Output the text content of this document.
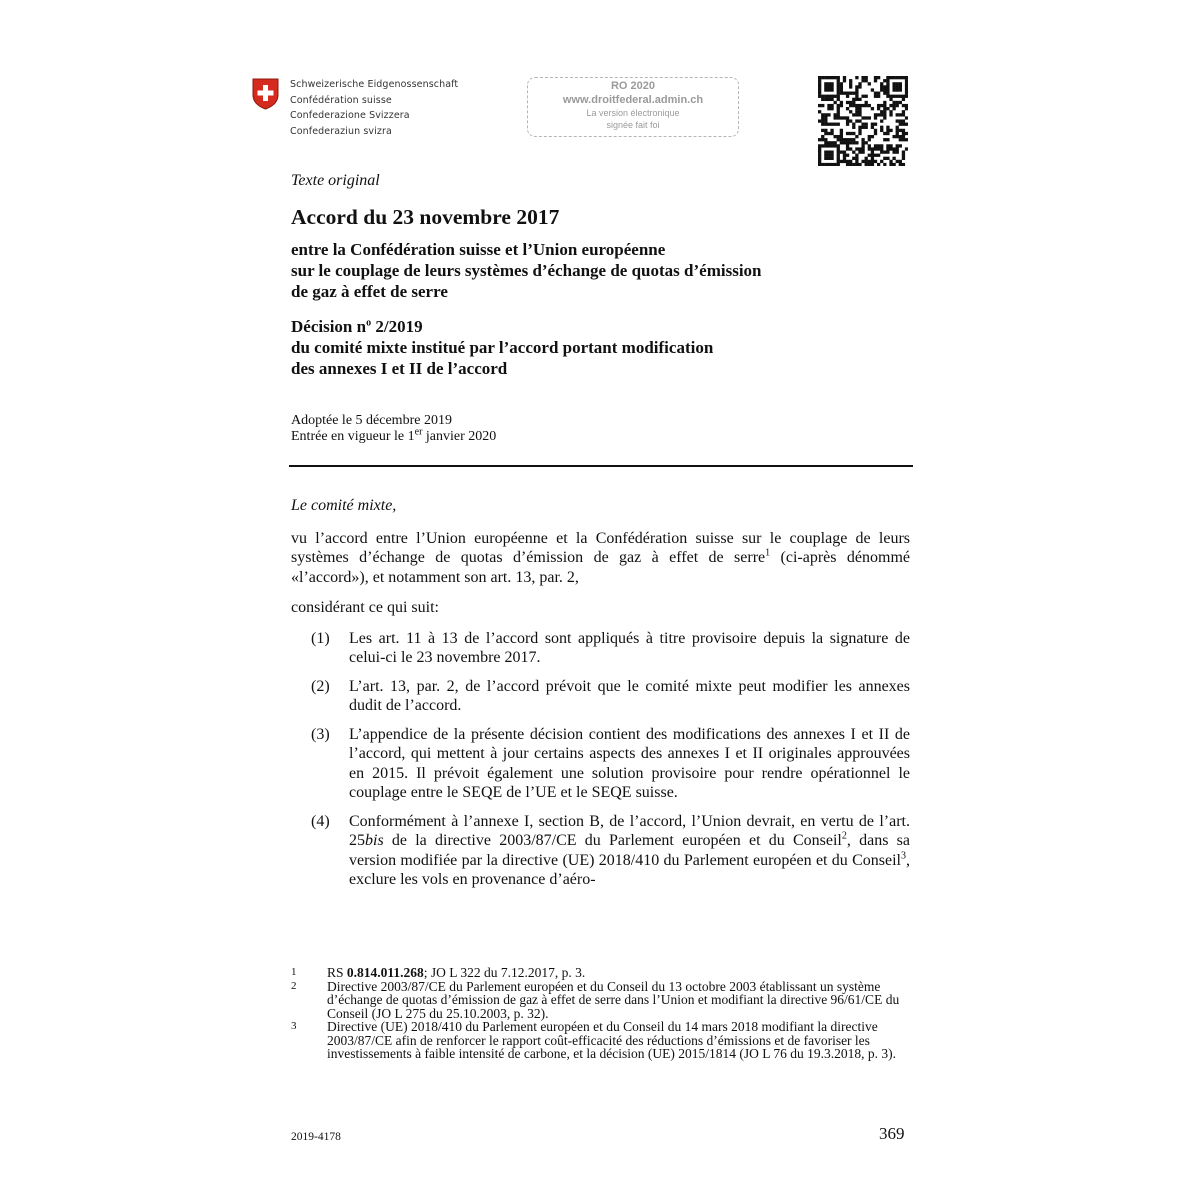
Schweizerische Eidgenossenschaft
Confédération suisse
Confederazione Svizzera
Confederaziun svizra
RO 2020
www.droitfederal.admin.ch
La version électronique
signée fait foi
Texte original
Accord du 23 novembre 2017
entre la Confédération suisse et l’Union européenne
sur le couplage de leurs systèmes d’échange de quotas d’émission
de gaz à effet de serre
Décision $n^o$ 2/2019
du comité mixte institué par l’accord portant modification
des annexes I et II de l’accord
Adoptée le 5 décembre 2019
Entrée en vigueur le 1er janvier 2020

Le comité mixte,

vu l’accord entre l’Union européenne et la Confédération suisse sur le couplage de leurs systèmes d’échange de quotas d’émission de gaz à effet de serre$^1$ (ci-après dénommé «l’accord»), et notamment son art. 13, par. 2,

considérant ce qui suit:

(1)	Les art. 11 à 13 de l’accord sont appliqués à titre provisoire depuis la signature de celui-ci le 23 novembre 2017.
(2)	L’art. 13, par. 2, de l’accord prévoit que le comité mixte peut modifier les annexes dudit de l’accord.
(3)	L’appendice de la présente décision contient des modifications des annexes I et II de l’accord, qui mettent à jour certains aspects des annexes I et II originales approuvées en 2015. Il prévoit également une solution provisoire pour rendre opérationnel le couplage entre le SEQE de l’UE et le SEQE suisse.
(4)	Conformément à l’annexe I, section B, de l’accord, l’Union devrait, en vertu de l’art. 25bis de la directive 2003/87/CE du Parlement européen et du Conseil$^2$, dans sa version modifiée par la directive (UE) 2018/410 du Parlement européen et du Conseil$^3$, exclure les vols en provenance d’aéro-
1	RS 0.814.011.268; JO L 322 du 7.12.2017, p. 3.
2	Directive 2003/87/CE du Parlement européen et du Conseil du 13 octobre 2003 établissant un système d’échange de quotas d’émission de gaz à effet de serre dans l’Union et modifiant la directive 96/61/CE du Conseil (JO L 275 du 25.10.2003, p. 32).
3	Directive (UE) 2018/410 du Parlement européen et du Conseil du 14 mars 2018 modifiant la directive 2003/87/CE afin de renforcer le rapport coût-efficacité des réductions d’émissions et de favoriser les investissements à faible intensité de carbone, et la décision (UE) 2015/1814 (JO L 76 du 19.3.2018, p. 3).
2019-4178	369
